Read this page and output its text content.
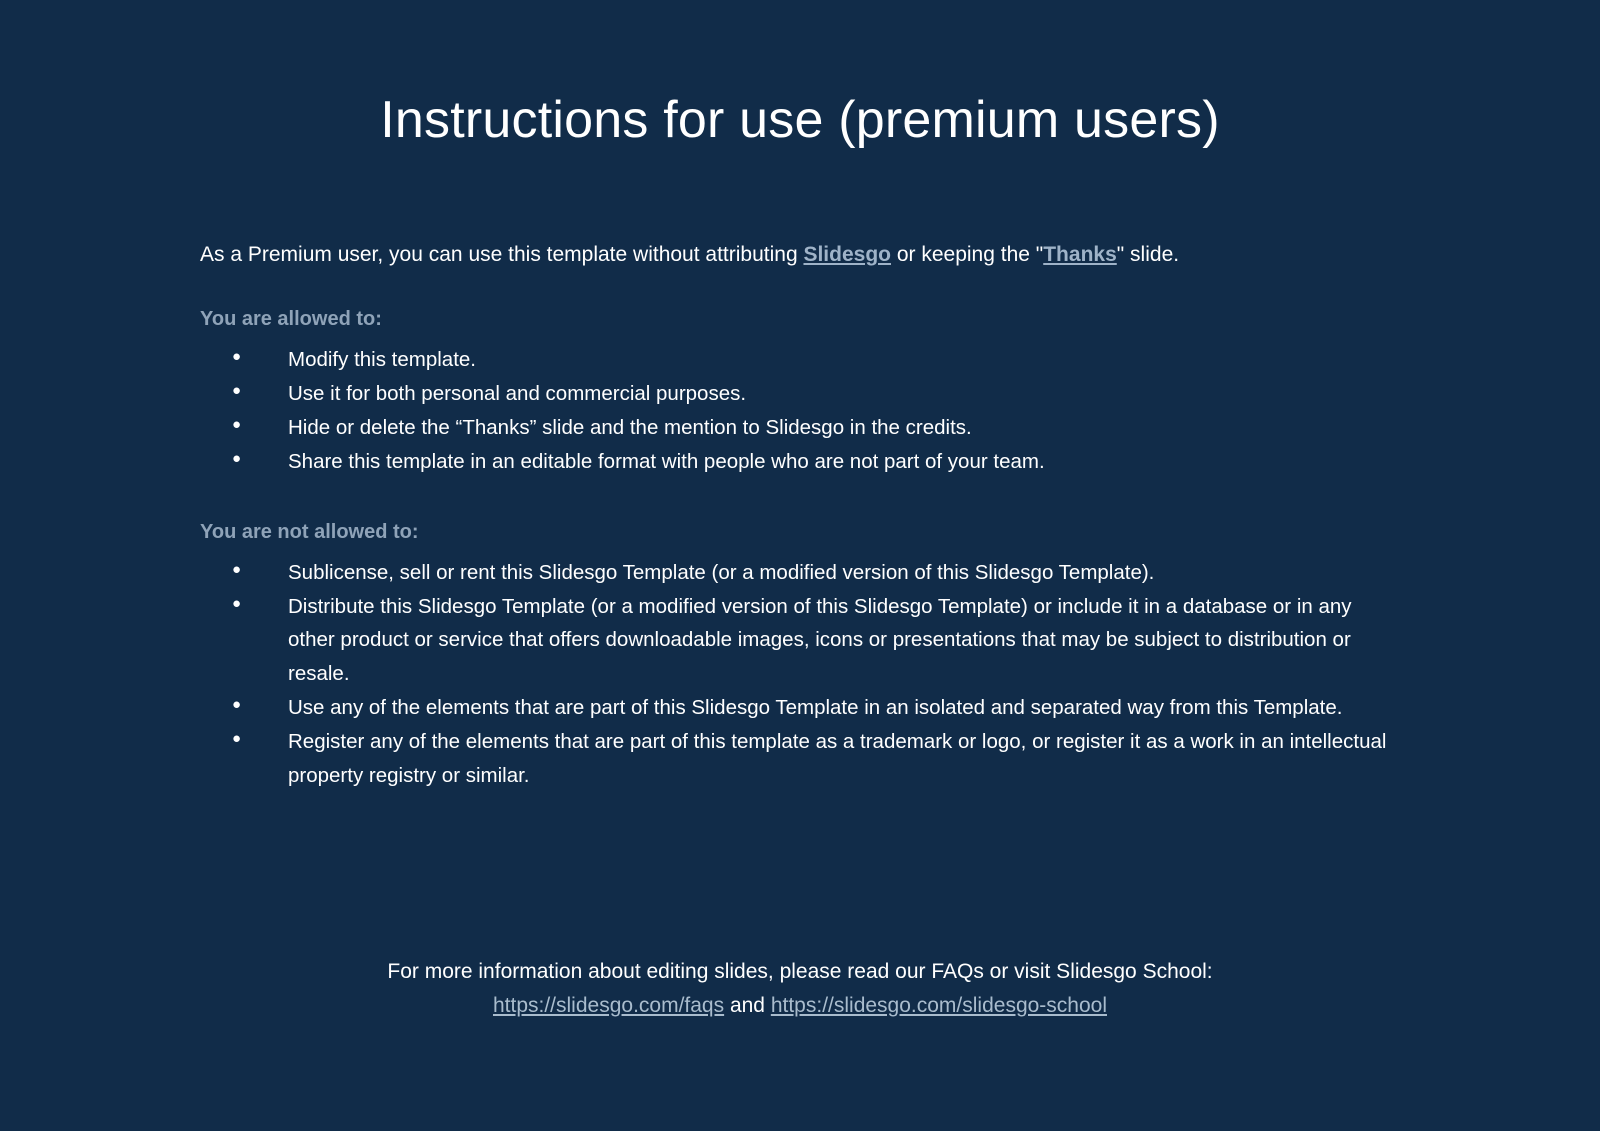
Instructions for use (premium users)

As a Premium user, you can use this template without attributing Slidesgo or keeping the "Thanks" slide.

You are allowed to:

● Modify this template.
● Use it for both personal and commercial purposes.
● Hide or delete the “Thanks” slide and the mention to Slidesgo in the credits.
● Share this template in an editable format with people who are not part of your team.

You are not allowed to:

● Sublicense, sell or rent this Slidesgo Template (or a modified version of this Slidesgo Template).
● Distribute this Slidesgo Template (or a modified version of this Slidesgo Template) or include it in a database or in any other product or service that offers downloadable images, icons or presentations that may be subject to distribution or resale.
● Use any of the elements that are part of this Slidesgo Template in an isolated and separated way from this Template.
● Register any of the elements that are part of this template as a trademark or logo, or register it as a work in an intellectual property registry or similar.
For more information about editing slides, please read our FAQs or visit Slidesgo School:
https://slidesgo.com/faqs and https://slidesgo.com/slidesgo-school
